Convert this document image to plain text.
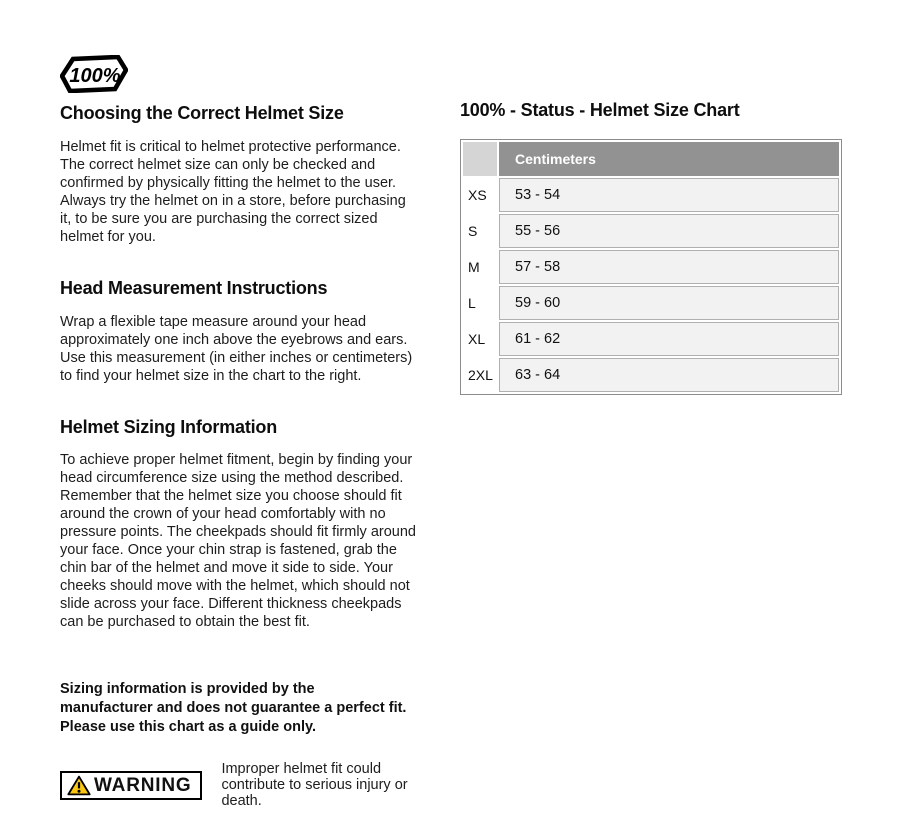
100%
Choosing the Correct Helmet Size

Helmet fit is critical to helmet protective performance. The correct helmet size can only be checked and confirmed by physically fitting the helmet to the user. Always try the helmet on in a store, before purchasing it, to be sure you are purchasing the correct sized helmet for you.

Head Measurement Instructions

Wrap a flexible tape measure around your head approximately one inch above the eyebrows and ears. Use this measurement (in either inches or centimeters) to find your helmet size in the chart to the right.

Helmet Sizing Information

To achieve proper helmet fitment, begin by finding your head circumference size using the method described. Remember that the helmet size you choose should fit around the crown of your head comfortably with no pressure points. The cheekpads should fit firmly around your face. Once your chin strap is fastened, grab the chin bar of the helmet and move it side to side. Your cheeks should move with the helmet, which should not slide across your face. Different thickness cheekpads can be purchased to obtain the best fit.

Sizing information is provided by the manufacturer and does not guarantee a perfect fit. Please use this chart as a guide only.

WARNING
Improper helmet fit could contribute to serious injury or death.
100% - Status - Helmet Size Chart
	Centimeters
XS	53 - 54
S	55 - 56
M	57 - 58
L	59 - 60
XL	61 - 62
2XL	63 - 64
